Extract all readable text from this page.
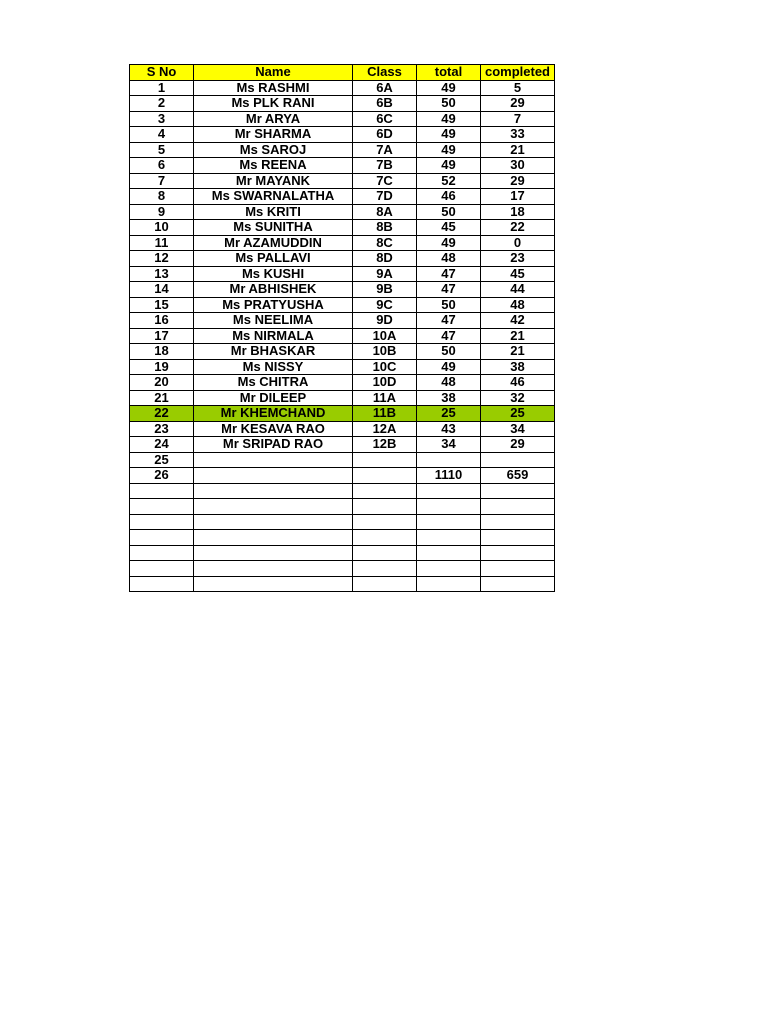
S No	Name	Class	total	completed
1	Ms RASHMI	6A	49	5
2	Ms PLK RANI	6B	50	29
3	Mr ARYA	6C	49	7
4	Mr SHARMA	6D	49	33
5	Ms SAROJ	7A	49	21
6	Ms REENA	7B	49	30
7	Mr MAYANK	7C	52	29
8	Ms SWARNALATHA	7D	46	17
9	Ms KRITI	8A	50	18
10	Ms SUNITHA	8B	45	22
11	Mr AZAMUDDIN	8C	49	0
12	Ms PALLAVI	8D	48	23
13	Ms KUSHI	9A	47	45
14	Mr ABHISHEK	9B	47	44
15	Ms PRATYUSHA	9C	50	48
16	Ms NEELIMA	9D	47	42
17	Ms NIRMALA	10A	47	21
18	Mr BHASKAR	10B	50	21
19	Ms NISSY	10C	49	38
20	Ms CHITRA	10D	48	46
21	Mr DILEEP	11A	38	32
22	Mr KHEMCHAND	11B	25	25
23	Mr KESAVA RAO	12A	43	34
24	Mr SRIPAD RAO	12B	34	29
25				
26			1110	659
